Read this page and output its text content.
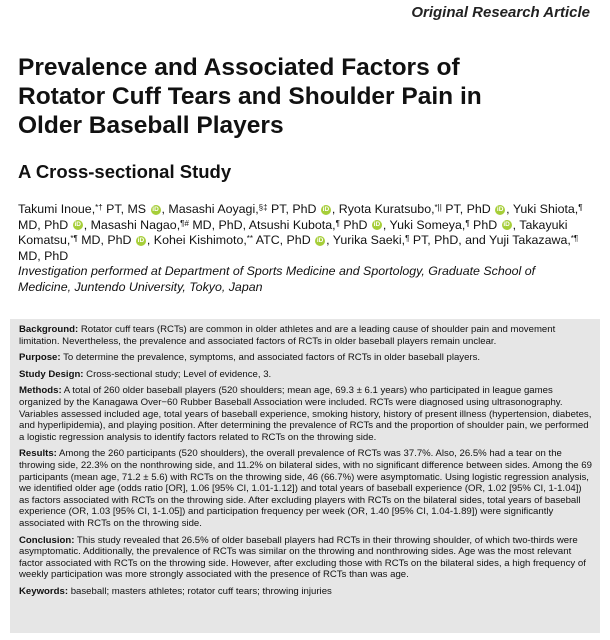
Original Research Article
Prevalence and Associated Factors of
Rotator Cuff Tears and Shoulder Pain in
Older Baseball Players
A Cross-sectional Study
Takumi Inoue,*† PT, MS iD , Masashi Aoyagi,§‡ PT, PhD iD , Ryota Kuratsubo,*|| PT, PhD iD , Yuki Shiota,¶ MD, PhD iD , Masashi Nagao,¶# MD, PhD, Atsushi Kubota,¶ PhD iD , Yuki Someya,¶ PhD iD , Takayuki Komatsu,*¶ MD, PhD iD , Kohei Kishimoto,** ATC, PhD iD , Yurika Saeki,¶ PT, PhD, and Yuji Takazawa,*¶ MD, PhD
Investigation performed at Department of Sports Medicine and Sportology, Graduate School of
Medicine, Juntendo University, Tokyo, Japan

Background: Rotator cuff tears (RCTs) are common in older athletes and are a leading cause of shoulder pain and movement limitation. Nevertheless, the prevalence and associated factors of RCTs in older baseball players remain unclear.

Purpose: To determine the prevalence, symptoms, and associated factors of RCTs in older baseball players.

Study Design: Cross-sectional study; Level of evidence, 3.

Methods: A total of 260 older baseball players (520 shoulders; mean age, 69.3 ± 6.1 years) who participated in league games organized by the Kanagawa Over−60 Rubber Baseball Association were included. RCTs were diagnosed using ultrasonography. Variables assessed included age, total years of baseball experience, smoking history, history of present illness (hypertension, diabetes, and hyperlipidemia), and playing position. After determining the prevalence of RCTs and the proportion of shoulder pain, we performed a logistic regression analysis to identify factors related to RCTs on the throwing side.

Results: Among the 260 participants (520 shoulders), the overall prevalence of RCTs was 37.7%. Also, 26.5% had a tear on the throwing side, 22.3% on the nonthrowing side, and 11.2% on bilateral sides, with no significant difference between sides. Among the 69 participants (mean age, 71.2 ± 5.6) with RCTs on the throwing side, 46 (66.7%) were asymptomatic. Using logistic regression analysis, we identified older age (odds ratio [OR], 1.06 [95% CI, 1.01-1.12]) and total years of baseball experience (OR, 1.02 [95% CI, 1-1.04]) as factors associated with RCTs on the throwing side. After excluding players with RCTs on the bilateral sides, total years of baseball experience (OR, 1.03 [95% CI, 1-1.05]) and participation frequency per week (OR, 1.40 [95% CI, 1.04-1.89]) were significantly associated with RCTs on the throwing side.

Conclusion: This study revealed that 26.5% of older baseball players had RCTs in their throwing shoulder, of which two-thirds were asymptomatic. Additionally, the prevalence of RCTs was similar on the throwing and nonthrowing sides. Age was the most relevant factor associated with RCTs on the throwing side. However, after excluding those with RCTs on the bilateral sides, a high frequency of weekly participation was more strongly associated with the presence of RCTs than was age.

Keywords: baseball; masters athletes; rotator cuff tears; throwing injuries
